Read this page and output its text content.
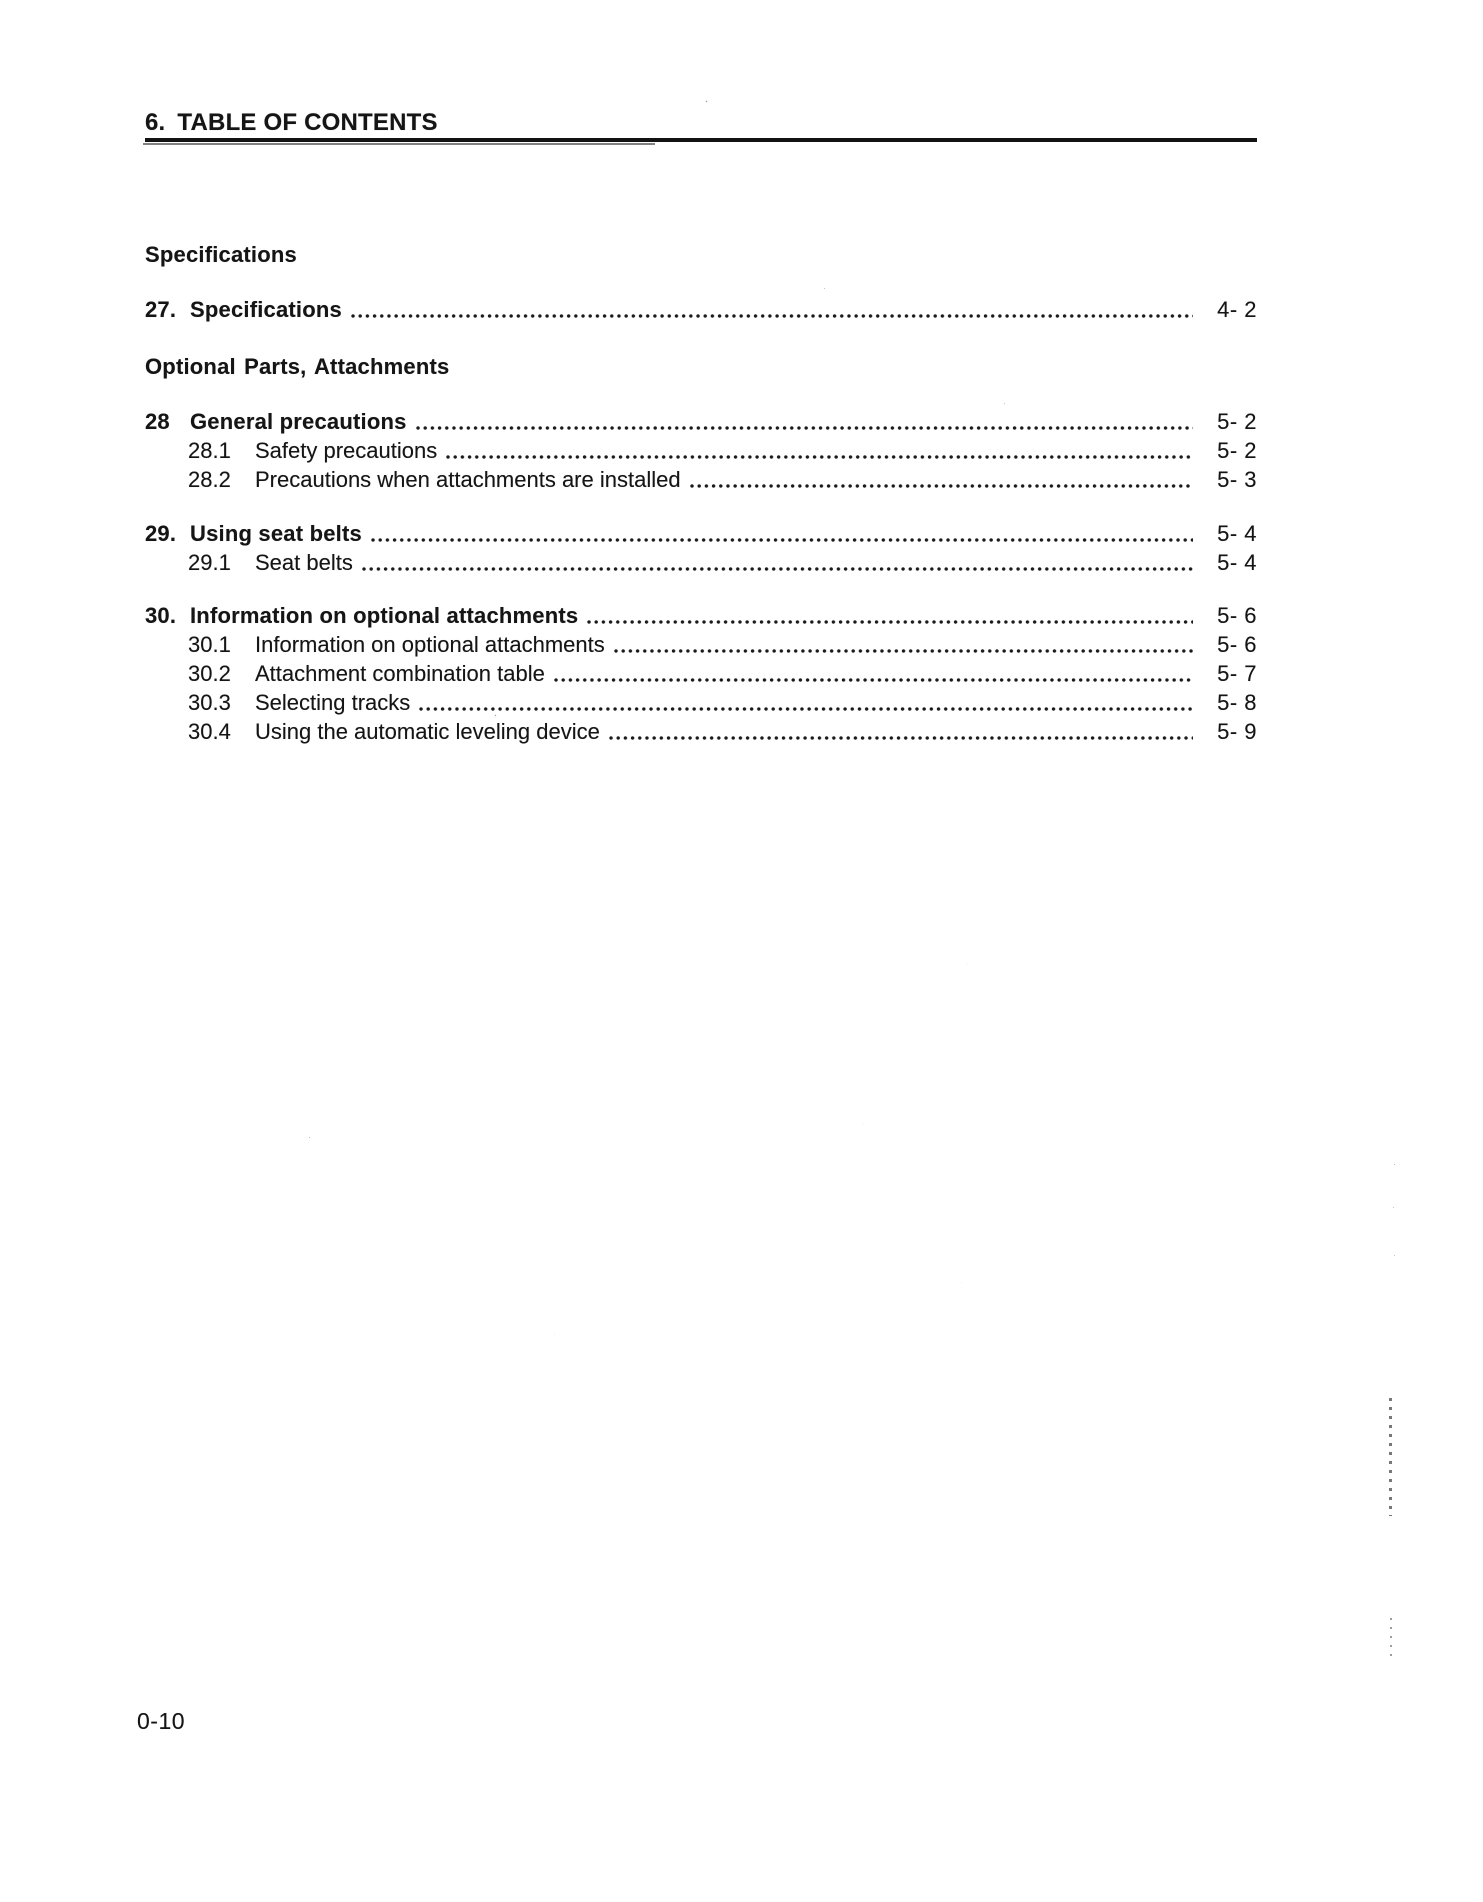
6. TABLE OF CONTENTS
Specifications
27. Specifications	4- 2
Optional Parts, Attachments
28 General precautions	5- 2
28.1	Safety precautions	5- 2
28.2	Precautions when attachments are installed	5- 3
29. Using seat belts	5- 4
29.1	Seat belts	5- 4
30. Information on optional attachments	5- 6
30.1	Information on optional attachments	5- 6
30.2	Attachment combination table	5- 7
30.3	Selecting tracks	5- 8
30.4	Using the automatic leveling device	5- 9
0-10
